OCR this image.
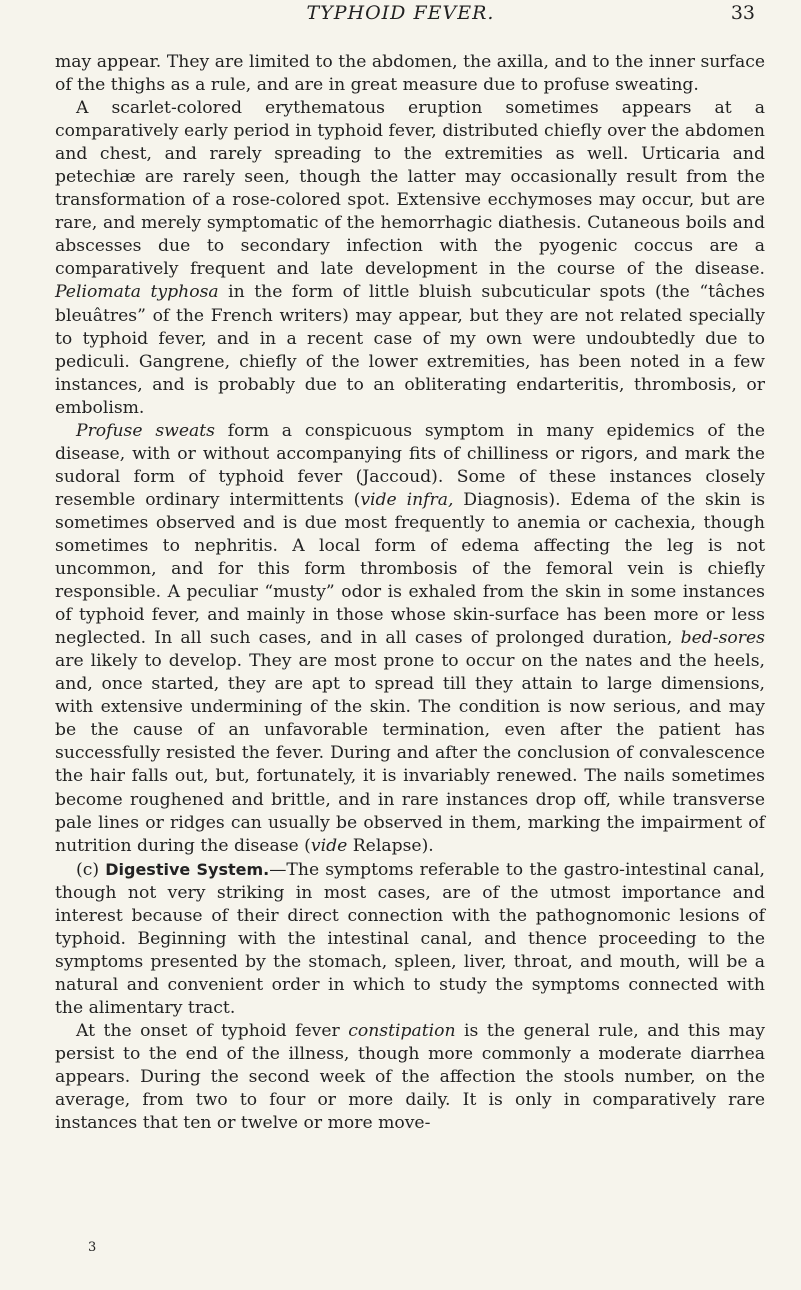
TYPHOID FEVER.	33

may appear. They are limited to the abdomen, the axilla, and to the inner surface of the thighs as a rule, and are in great measure due to profuse sweating.

A scarlet-colored erythematous eruption sometimes appears at a comparatively early period in typhoid fever, distributed chiefly over the abdomen and chest, and rarely spreading to the extremities as well. Urticaria and petechiæ are rarely seen, though the latter may occasionally result from the transformation of a rose-colored spot. Extensive ecchymoses may occur, but are rare, and merely symptomatic of the hemorrhagic diathesis. Cutaneous boils and abscesses due to secondary infection with the pyogenic coccus are a comparatively frequent and late development in the course of the disease. Peliomata typhosa in the form of little bluish subcuticular spots (the “tâches bleuâtres” of the French writers) may appear, but they are not related specially to typhoid fever, and in a recent case of my own were undoubtedly due to pediculi. Gangrene, chiefly of the lower extremities, has been noted in a few instances, and is probably due to an obliterating endarteritis, thrombosis, or embolism.

Profuse sweats form a conspicuous symptom in many epidemics of the disease, with or without accompanying fits of chilliness or rigors, and mark the sudoral form of typhoid fever (Jaccoud). Some of these instances closely resemble ordinary intermittents (vide infra, Diagnosis). Edema of the skin is sometimes observed and is due most frequently to anemia or cachexia, though sometimes to nephritis. A local form of edema affecting the leg is not uncommon, and for this form thrombosis of the femoral vein is chiefly responsible. A peculiar “musty” odor is exhaled from the skin in some instances of typhoid fever, and mainly in those whose skin-surface has been more or less neglected. In all such cases, and in all cases of prolonged duration, bed-sores are likely to develop. They are most prone to occur on the nates and the heels, and, once started, they are apt to spread till they attain to large dimensions, with extensive undermining of the skin. The condition is now serious, and may be the cause of an unfavorable termination, even after the patient has successfully resisted the fever. During and after the conclusion of convalescence the hair falls out, but, fortunately, it is invariably renewed. The nails sometimes become roughened and brittle, and in rare instances drop off, while transverse pale lines or ridges can usually be observed in them, marking the impairment of nutrition during the disease (vide Relapse).

(c) Digestive System.—The symptoms referable to the gastro-intestinal canal, though not very striking in most cases, are of the utmost importance and interest because of their direct connection with the pathognomonic lesions of typhoid. Beginning with the intestinal canal, and thence proceeding to the symptoms presented by the stomach, spleen, liver, throat, and mouth, will be a natural and convenient order in which to study the symptoms connected with the alimentary tract.

At the onset of typhoid fever constipation is the general rule, and this may persist to the end of the illness, though more commonly a moderate diarrhea appears. During the second week of the affection the stools number, on the average, from two to four or more daily. It is only in comparatively rare instances that ten or twelve or more move-

3
